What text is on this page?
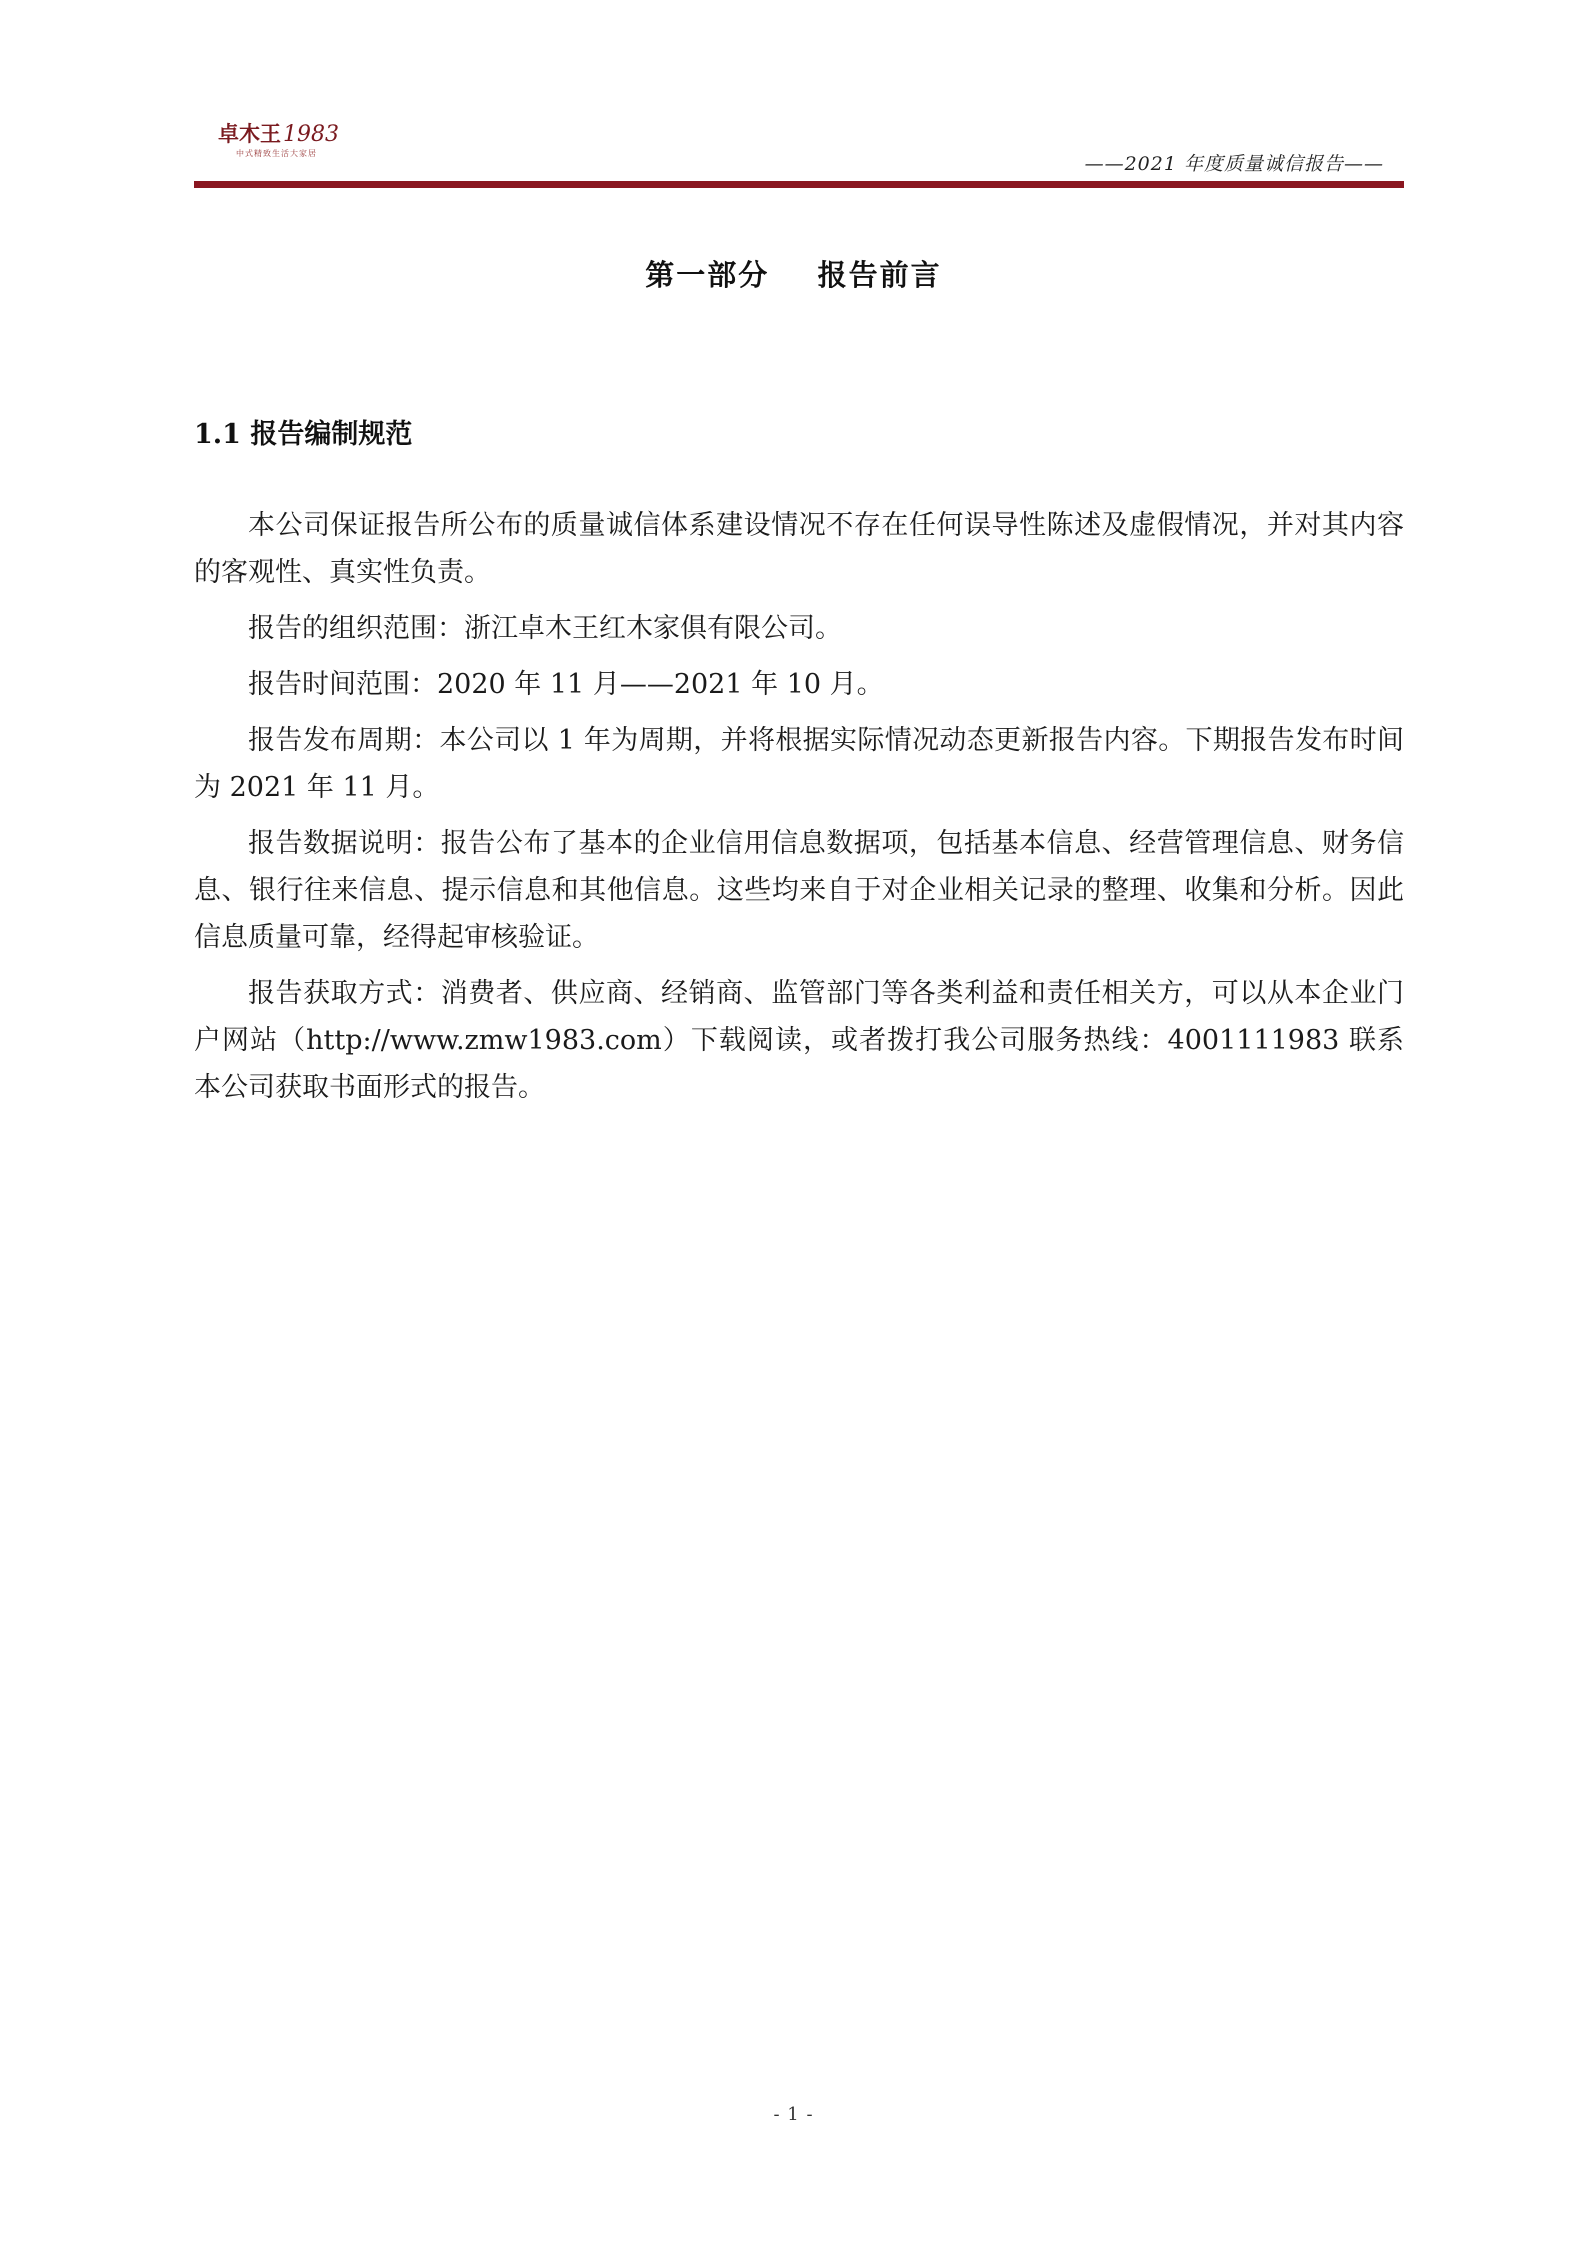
卓木王1983
中式精致生活大家居	——2021 年度质量诚信报告——
第一部分    报告前言
1.1 报告编制规范

本公司保证报告所公布的质量诚信体系建设情况不存在任何误导性陈述及虚假情况，并对其内容的客观性、真实性负责。

报告的组织范围：浙江卓木王红木家俱有限公司。

报告时间范围：2020 年 11 月——2021 年 10 月。

报告发布周期：本公司以 1 年为周期，并将根据实际情况动态更新报告内容。下期报告发布时间为 2021 年 11 月。

报告数据说明：报告公布了基本的企业信用信息数据项，包括基本信息、经营管理信息、财务信息、银行往来信息、提示信息和其他信息。这些均来自于对企业相关记录的整理、收集和分析。因此信息质量可靠，经得起审核验证。

报告获取方式：消费者、供应商、经销商、监管部门等各类利益和责任相关方，可以从本企业门户网站（http://www.zmw1983.com）下载阅读，或者拨打我公司服务热线：4001111983 联系本公司获取书面形式的报告。

- 1 -
